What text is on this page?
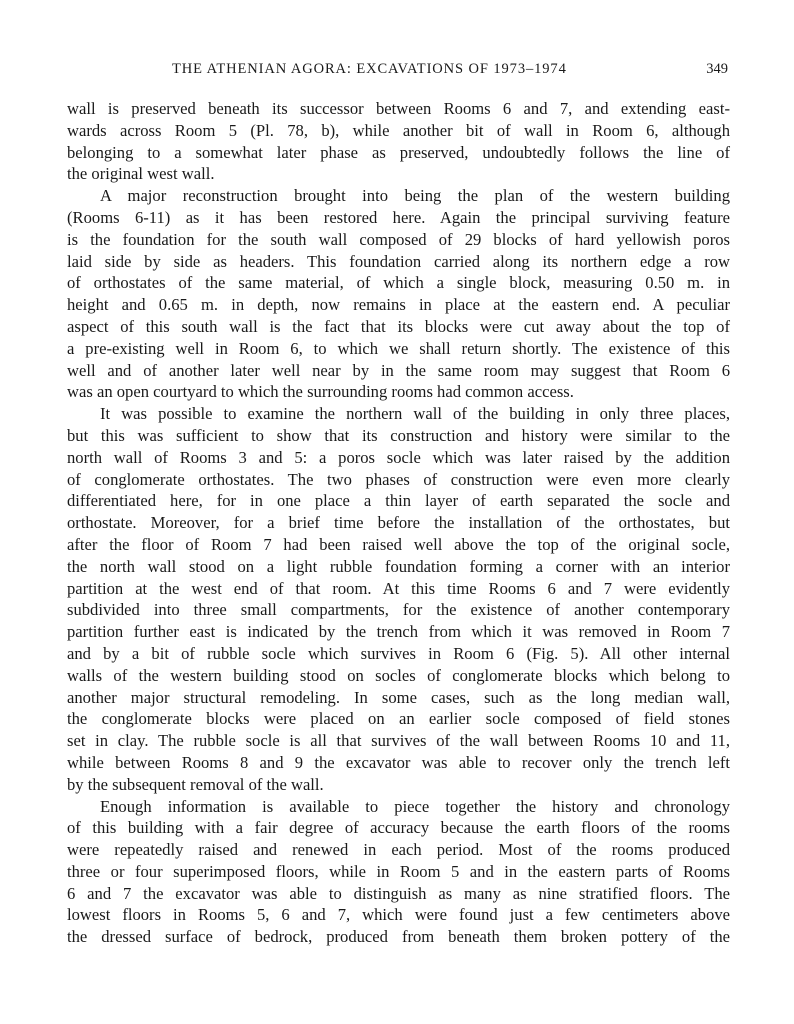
THE ATHENIAN AGORA: EXCAVATIONS OF 1973–1974	349

wall is preserved beneath its successor between Rooms 6 and 7, and extending east-
wards across Room 5 (Pl. 78, b), while another bit of wall in Room 6, although
belonging to a somewhat later phase as preserved, undoubtedly follows the line of
the original west wall.

A major reconstruction brought into being the plan of the western building
(Rooms 6-11) as it has been restored here. Again the principal surviving feature
is the foundation for the south wall composed of 29 blocks of hard yellowish poros
laid side by side as headers. This foundation carried along its northern edge a row
of orthostates of the same material, of which a single block, measuring 0.50 m. in
height and 0.65 m. in depth, now remains in place at the eastern end. A peculiar
aspect of this south wall is the fact that its blocks were cut away about the top of
a pre-existing well in Room 6, to which we shall return shortly. The existence of this
well and of another later well near by in the same room may suggest that Room 6
was an open courtyard to which the surrounding rooms had common access.

It was possible to examine the northern wall of the building in only three places,
but this was sufficient to show that its construction and history were similar to the
north wall of Rooms 3 and 5: a poros socle which was later raised by the addition
of conglomerate orthostates. The two phases of construction were even more clearly
differentiated here, for in one place a thin layer of earth separated the socle and
orthostate. Moreover, for a brief time before the installation of the orthostates, but
after the floor of Room 7 had been raised well above the top of the original socle,
the north wall stood on a light rubble foundation forming a corner with an interior
partition at the west end of that room. At this time Rooms 6 and 7 were evidently
subdivided into three small compartments, for the existence of another contemporary
partition further east is indicated by the trench from which it was removed in Room 7
and by a bit of rubble socle which survives in Room 6 (Fig. 5). All other internal
walls of the western building stood on socles of conglomerate blocks which belong to
another major structural remodeling. In some cases, such as the long median wall,
the conglomerate blocks were placed on an earlier socle composed of field stones
set in clay. The rubble socle is all that survives of the wall between Rooms 10 and 11,
while between Rooms 8 and 9 the excavator was able to recover only the trench left
by the subsequent removal of the wall.

Enough information is available to piece together the history and chronology
of this building with a fair degree of accuracy because the earth floors of the rooms
were repeatedly raised and renewed in each period. Most of the rooms produced
three or four superimposed floors, while in Room 5 and in the eastern parts of Rooms
6 and 7 the excavator was able to distinguish as many as nine stratified floors. The
lowest floors in Rooms 5, 6 and 7, which were found just a few centimeters above
the dressed surface of bedrock, produced from beneath them broken pottery of the
